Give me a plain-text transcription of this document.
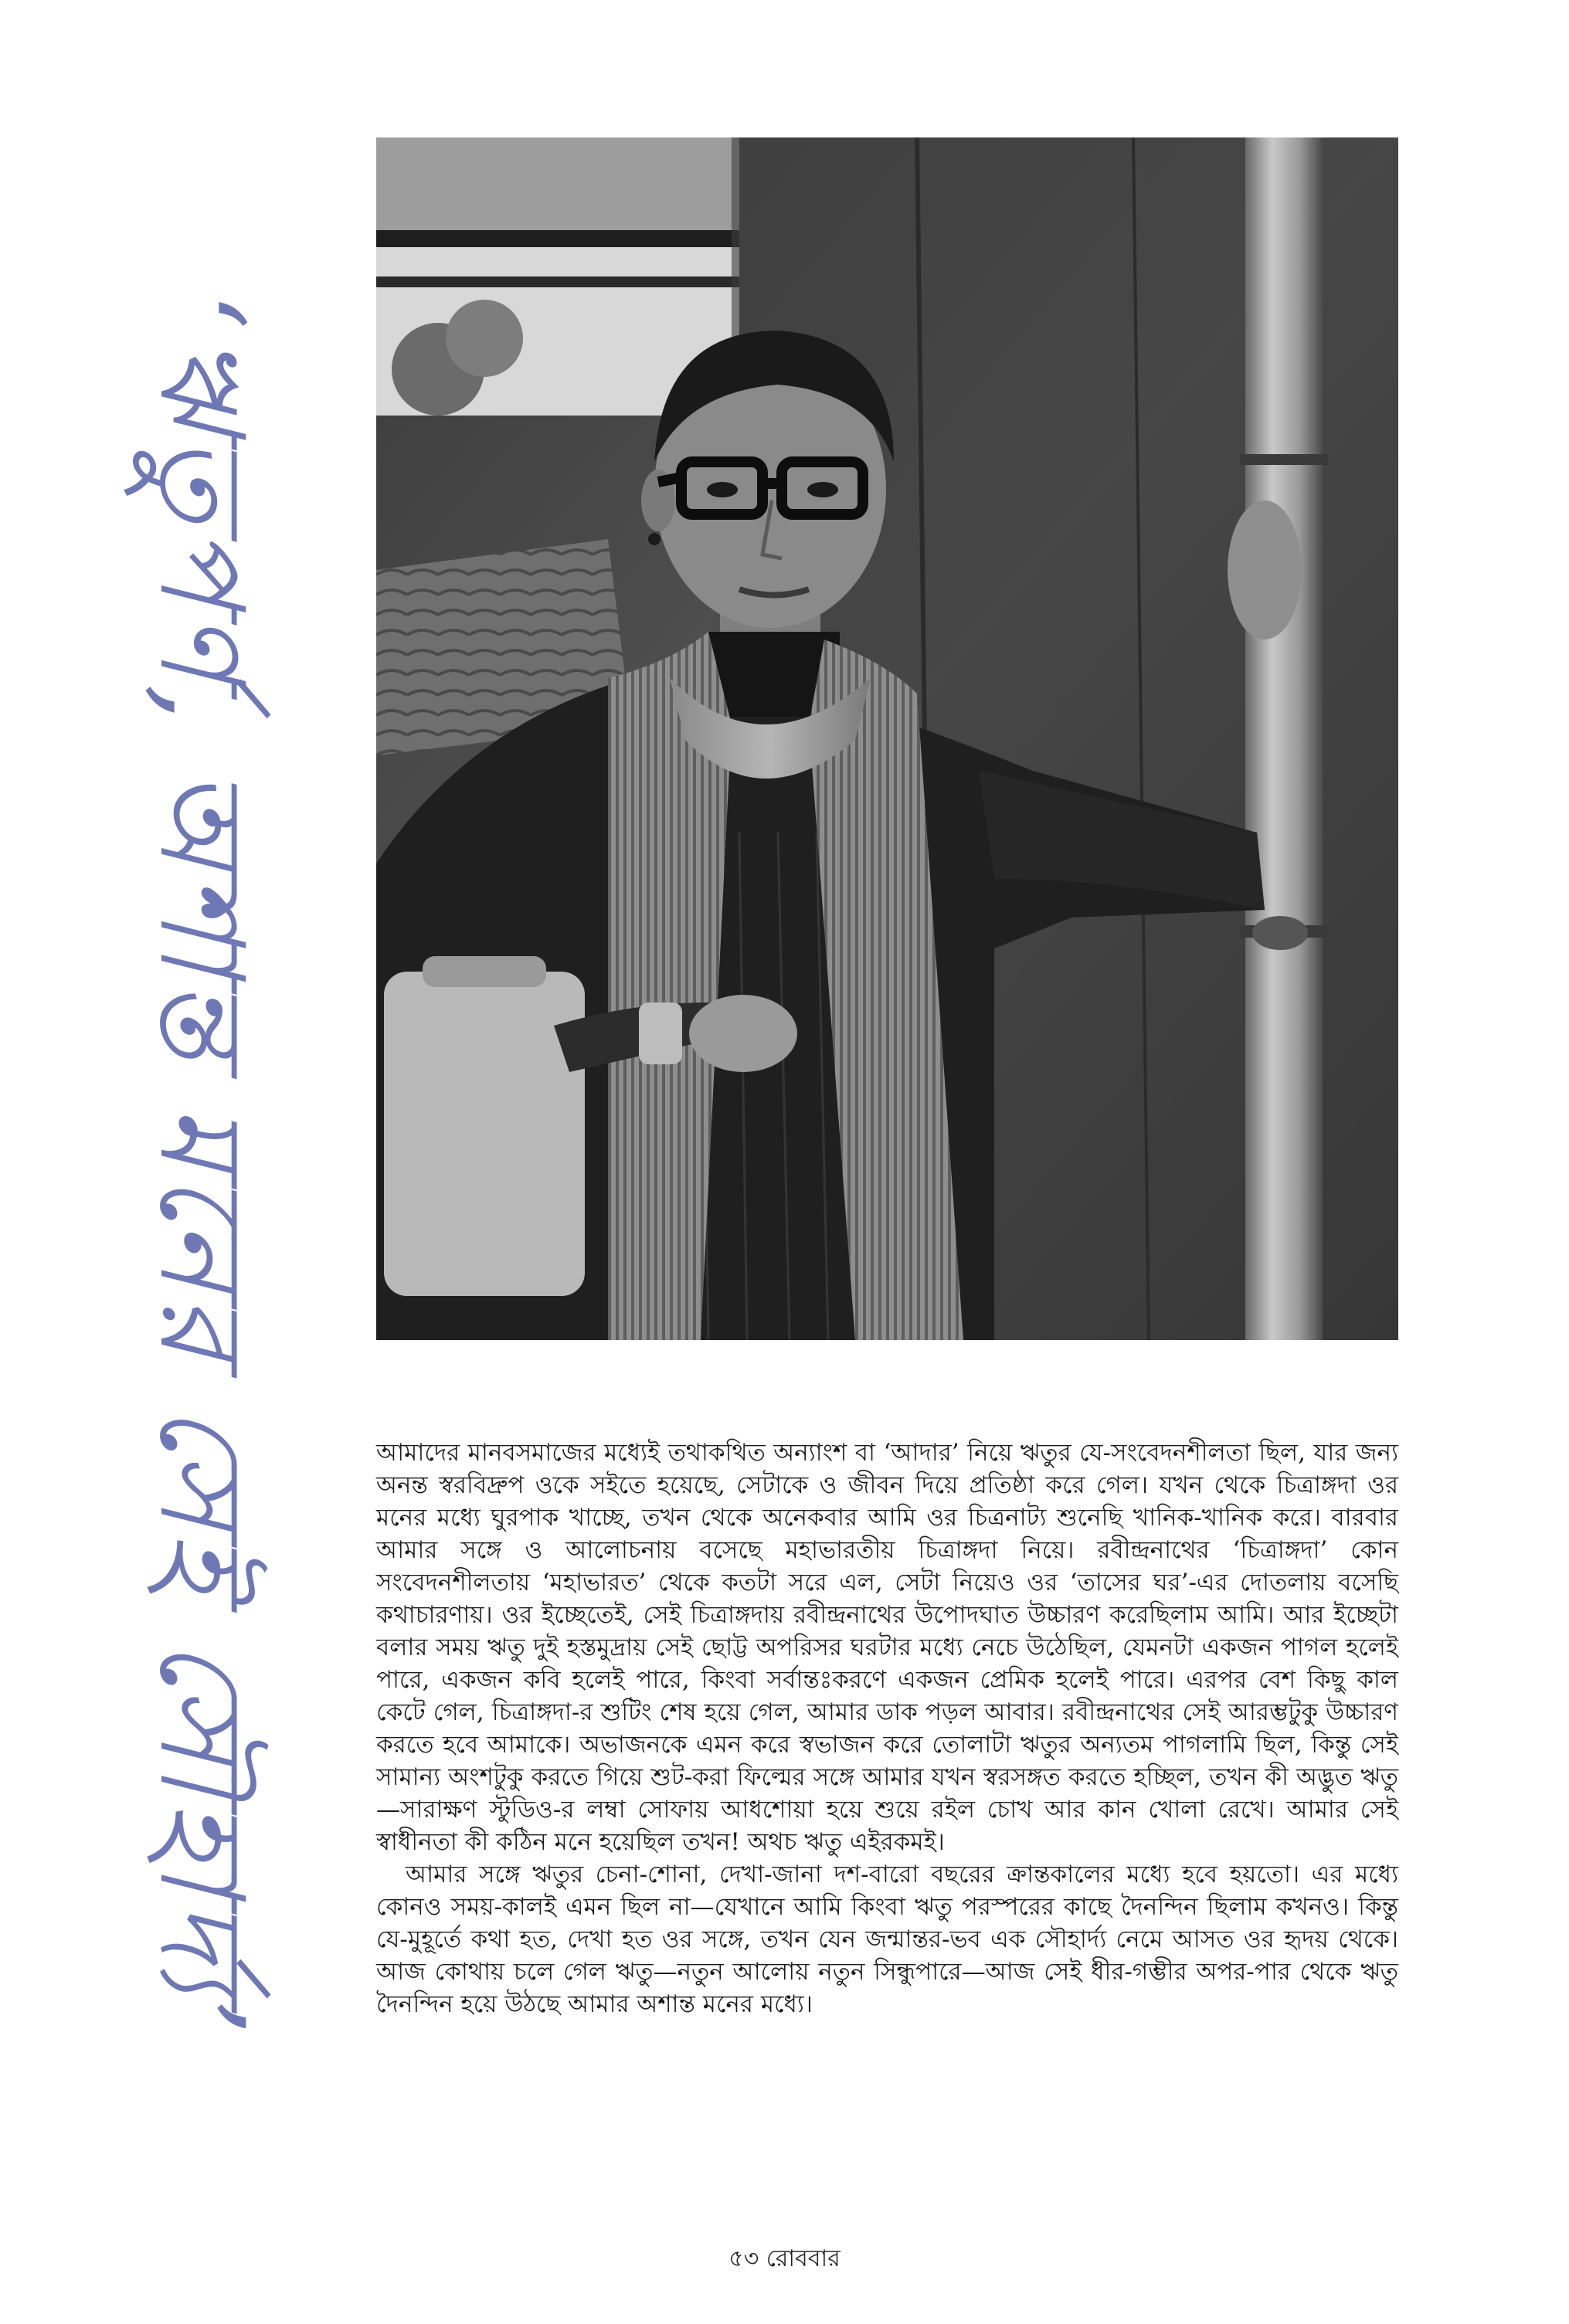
‘ঋতুপর্ণ, অশান্ত মনের সেই সৌহার্দ্য’	আমাদের মানবসমাজের মধ্যেই তথাকথিত অন্যাংশ বা ‘আদার’ নিয়ে ঋতুর যে-সংবেদনশীলতা ছিল, যার জন্য অনন্ত স্বরবিদ্রুপ ওকে সইতে হয়েছে, সেটাকে ও জীবন দিয়ে প্রতিষ্ঠা করে গেল। যখন থেকে চিত্রাঙ্গদা ওর মনের মধ্যে ঘুরপাক খাচ্ছে, তখন থেকে অনেকবার আমি ওর চিত্রনাট্য শুনেছি খানিক-খানিক করে। বারবার আমার সঙ্গে ও আলোচনায় বসেছে মহাভারতীয় চিত্রাঙ্গদা নিয়ে। রবীন্দ্রনাথের ‘চিত্রাঙ্গদা’ কোন সংবেদনশীলতায় ‘মহাভারত’ থেকে কতটা সরে এল, সেটা নিয়েও ওর ‘তাসের ঘর’-এর দোতলায় বসেছি কথাচারণায়। ওর ইচ্ছেতেই, সেই চিত্রাঙ্গদায় রবীন্দ্রনাথের উপোদঘাত উচ্চারণ করেছিলাম আমি। আর ইচ্ছেটা বলার সময় ঋতু দুই হস্তমুদ্রায় সেই ছোট্ট অপরিসর ঘরটার মধ্যে নেচে উঠেছিল, যেমনটা একজন পাগল হলেই পারে, একজন কবি হলেই পারে, কিংবা সর্বান্তঃকরণে একজন প্রেমিক হলেই পারে। এরপর বেশ কিছু কাল কেটে গেল, চিত্রাঙ্গদা-র শুটিং শেষ হয়ে গেল, আমার ডাক পড়ল আবার। রবীন্দ্রনাথের সেই আরম্ভটুকু উচ্চারণ করতে হবে আমাকে। অভাজনকে এমন করে স্বভাজন করে তোলাটা ঋতুর অন্যতম পাগলামি ছিল, কিন্তু সেই সামান্য অংশটুকু করতে গিয়ে শুট-করা ফিল্মের সঙ্গে আমার যখন স্বরসঙ্গত করতে হচ্ছিল, তখন কী অদ্ভুত ঋতু—সারাক্ষণ স্টুডিও-র লম্বা সোফায় আধশোয়া হয়ে শুয়ে রইল চোখ আর কান খোলা রেখে। আমার সেই স্বাধীনতা কী কঠিন মনে হয়েছিল তখন! অথচ ঋতু এইরকমই।

আমার সঙ্গে ঋতুর চেনা-শোনা, দেখা-জানা দশ-বারো বছরের ক্রান্তকালের মধ্যে হবে হয়তো। এর মধ্যে কোনও সময়-কালই এমন ছিল না—যেখানে আমি কিংবা ঋতু পরস্পরের কাছে দৈনন্দিন ছিলাম কখনও। কিন্তু যে-মুহূর্তে কথা হত, দেখা হত ওর সঙ্গে, তখন যেন জন্মান্তর-ভব এক সৌহার্দ্য নেমে আসত ওর হৃদয় থেকে। আজ কোথায় চলে গেল ঋতু—নতুন আলোয় নতুন সিন্ধুপারে—আজ সেই ধীর-গম্ভীর অপর-পার থেকে ঋতু দৈনন্দিন হয়ে উঠছে আমার অশান্ত মনের মধ্যে।

৫৩ রোববার
